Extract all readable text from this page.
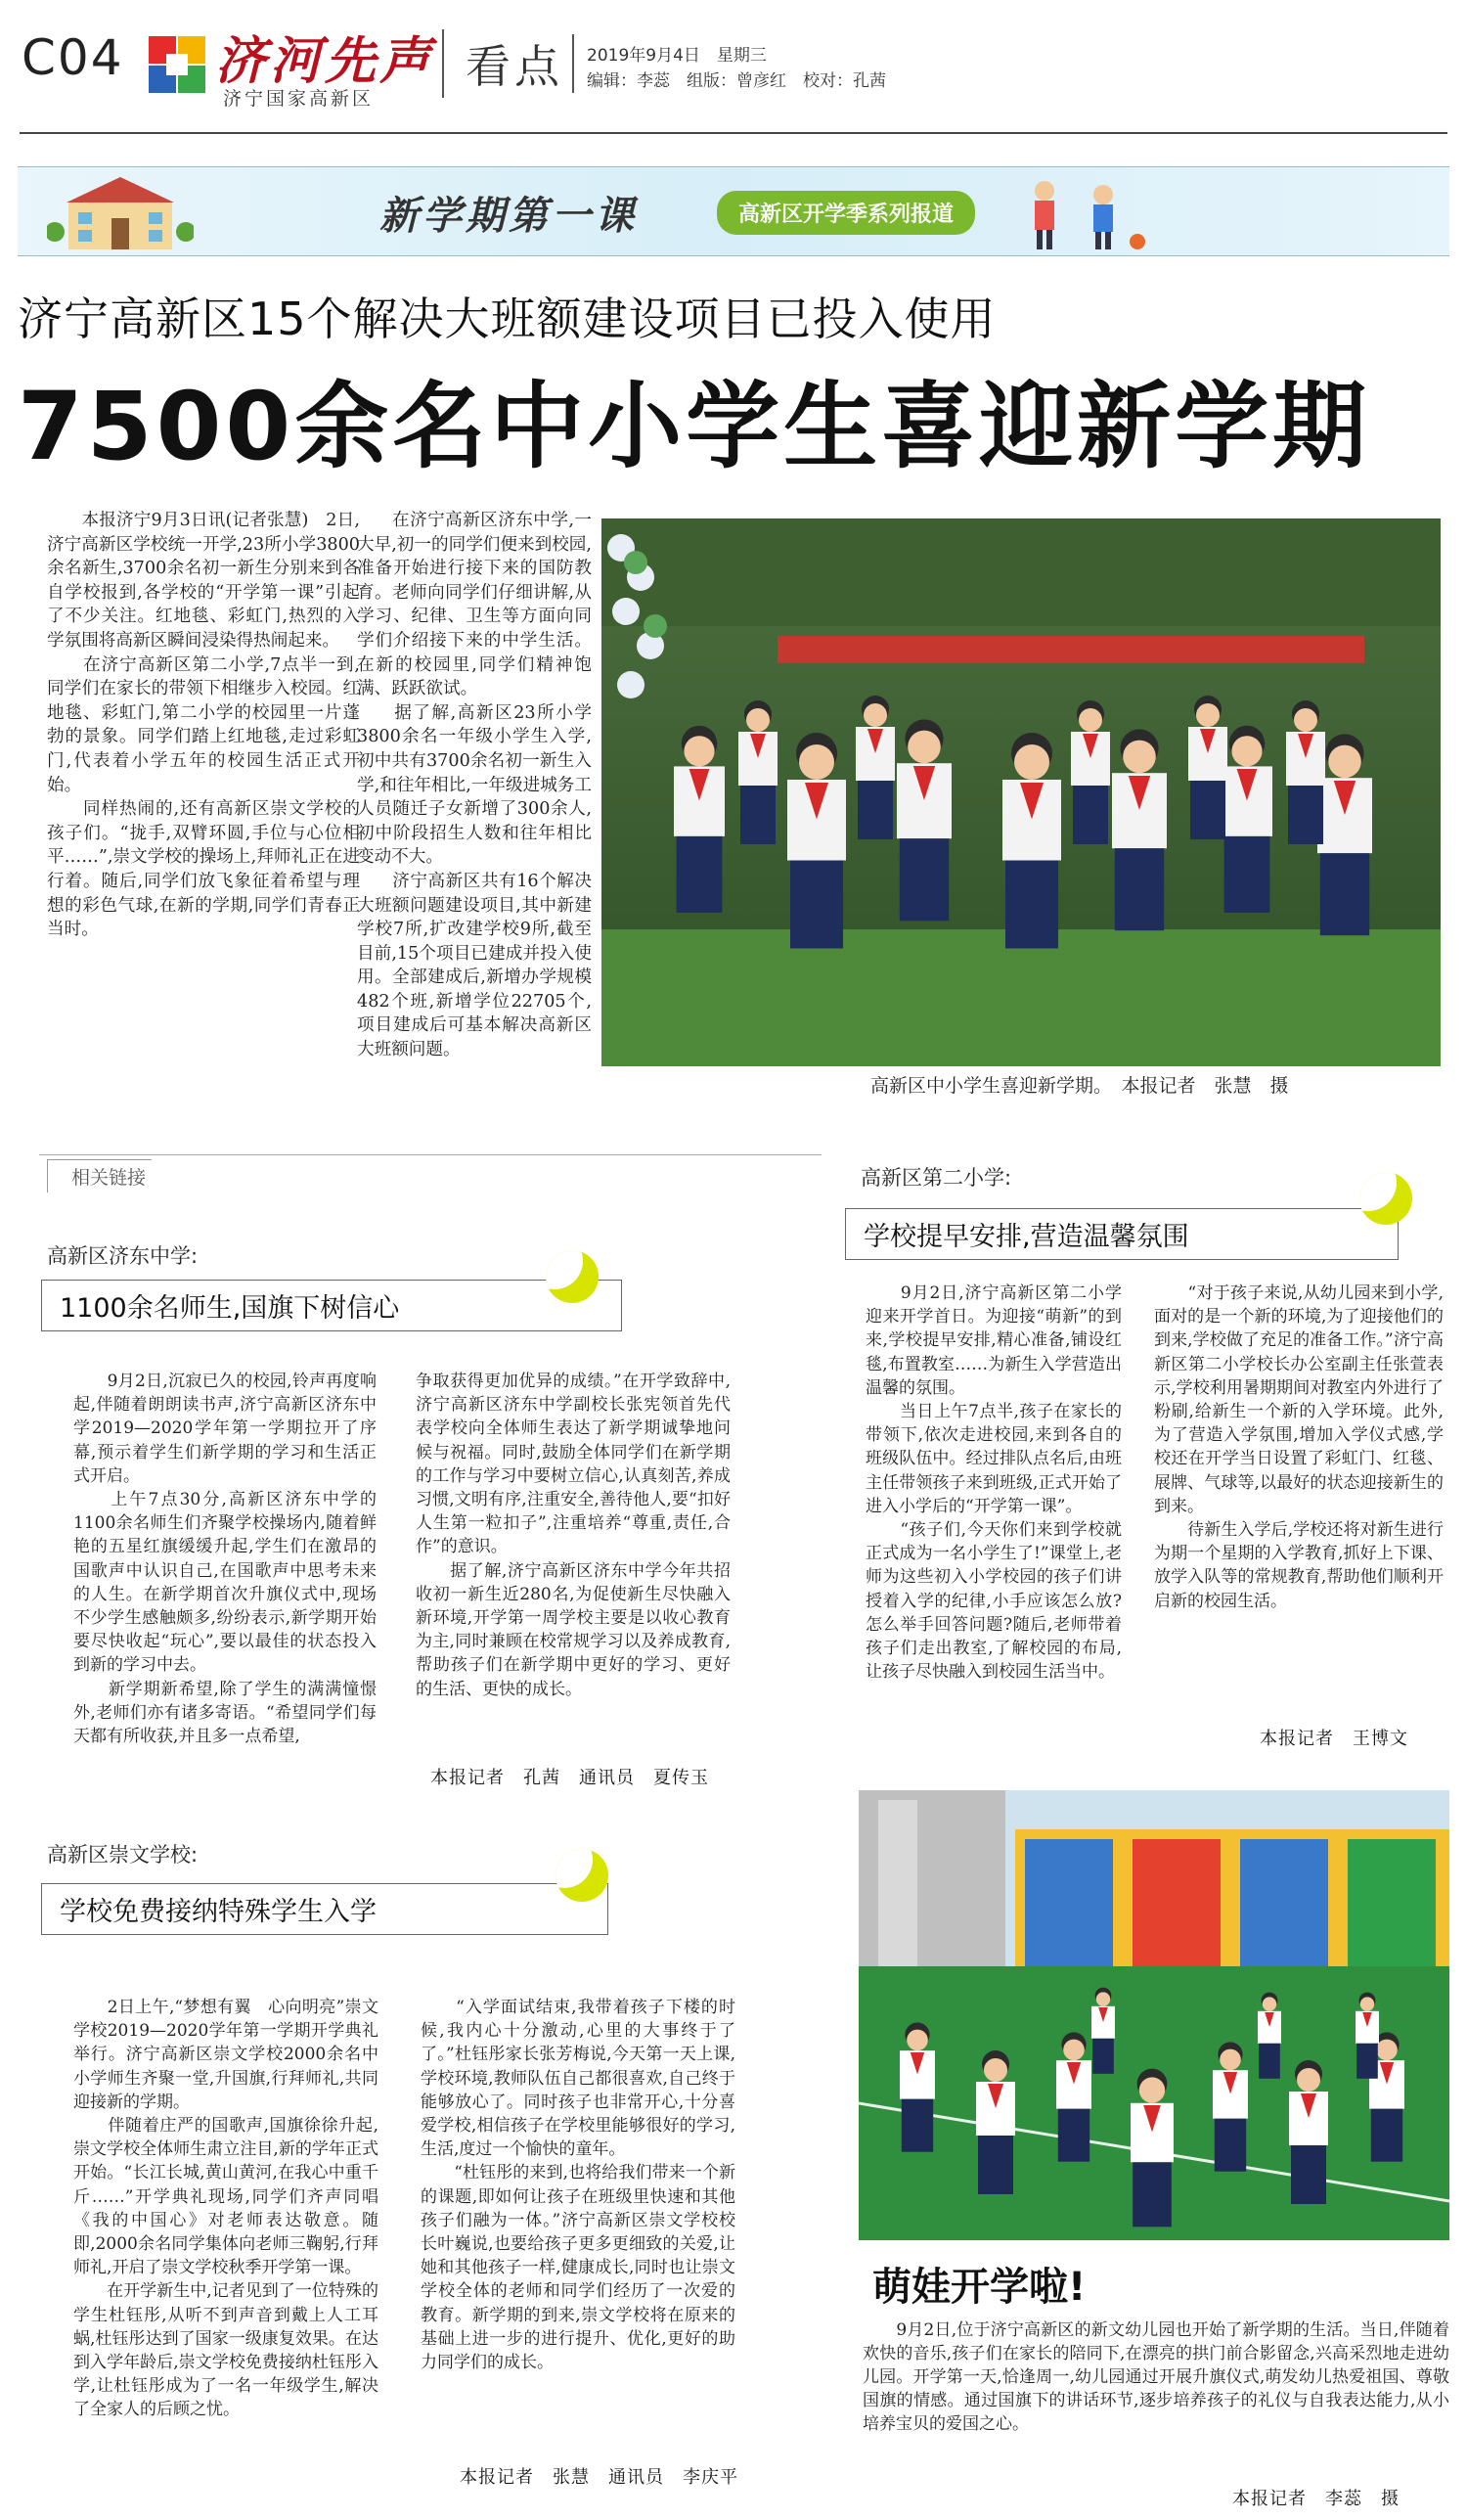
C04 济河先声
济宁国家高新区
看点 2019年9月4日　星期三
编辑：李蕊　组版：曾彦红　校对：孔茜
新学期第一课	高新区开学季系列报道
济宁高新区15个解决大班额建设项目已投入使用
7500余名中小学生喜迎新学期
　　本报济宁9月3日讯(记者张慧)　2日,济宁高新区学校统一开学,23所小学3800余名新生,3700余名初一新生分别来到各自学校报到,各学校的“开学第一课”引起了不少关注。红地毯、彩虹门,热烈的入学氛围将高新区瞬间浸染得热闹起来。
　　在济宁高新区第二小学,7点半一到,同学们在家长的带领下相继步入校园。红地毯、彩虹门,第二小学的校园里一片蓬勃的景象。同学们踏上红地毯,走过彩虹门,代表着小学五年的校园生活正式开始。
　　同样热闹的,还有高新区崇文学校的孩子们。“拢手,双臂环圆,手位与心位相平……”,崇文学校的操场上,拜师礼正在进行着。随后,同学们放飞象征着希望与理想的彩色气球,在新的学期,同学们青春正当时。
　　在济宁高新区济东中学,一大早,初一的同学们便来到校园,准备开始进行接下来的国防教育。老师向同学们仔细讲解,从学习、纪律、卫生等方面向同学们介绍接下来的中学生活。在新的校园里,同学们精神饱满、跃跃欲试。
　　据了解,高新区23所小学3800余名一年级小学生入学,初中共有3700余名初一新生入学,和往年相比,一年级进城务工人员随迁子女新增了300余人,初中阶段招生人数和往年相比变动不大。
　　济宁高新区共有16个解决大班额问题建设项目,其中新建学校7所,扩改建学校9所,截至目前,15个项目已建成并投入使用。全部建成后,新增办学规模482个班,新增学位22705个,项目建成后可基本解决高新区大班额问题。
高新区中小学生喜迎新学期。　本报记者　张慧　摄
相关链接
高新区济东中学:
1100余名师生,国旗下树信心
　　9月2日,沉寂已久的校园,铃声再度响起,伴随着朗朗读书声,济宁高新区济东中学2019—2020学年第一学期拉开了序幕,预示着学生们新学期的学习和生活正式开启。
　　上午7点30分,高新区济东中学的1100余名师生们齐聚学校操场内,随着鲜艳的五星红旗缓缓升起,学生们在激昂的国歌声中认识自己,在国歌声中思考未来的人生。在新学期首次升旗仪式中,现场不少学生感触颇多,纷纷表示,新学期开始要尽快收起“玩心”,要以最佳的状态投入到新的学习中去。
　　新学期新希望,除了学生的满满憧憬外,老师们亦有诸多寄语。“希望同学们每天都有所收获,并且多一点希望,
争取获得更加优异的成绩。”在开学致辞中,济宁高新区济东中学副校长张宪领首先代表学校向全体师生表达了新学期诚挚地问候与祝福。同时,鼓励全体同学们在新学期的工作与学习中要树立信心,认真刻苦,养成习惯,文明有序,注重安全,善待他人,要“扣好人生第一粒扣子”,注重培养“尊重,责任,合作”的意识。
　　据了解,济宁高新区济东中学今年共招收初一新生近280名,为促使新生尽快融入新环境,开学第一周学校主要是以收心教育为主,同时兼顾在校常规学习以及养成教育,帮助孩子们在新学期中更好的学习、更好的生活、更快的成长。
本报记者　孔茜　通讯员　夏传玉
高新区崇文学校:
学校免费接纳特殊学生入学
　　2日上午,“梦想有翼　心向明亮”崇文学校2019—2020学年第一学期开学典礼举行。济宁高新区崇文学校2000余名中小学师生齐聚一堂,升国旗,行拜师礼,共同迎接新的学期。
　　伴随着庄严的国歌声,国旗徐徐升起,崇文学校全体师生肃立注目,新的学年正式开始。“长江长城,黄山黄河,在我心中重千斤……”开学典礼现场,同学们齐声同唱《我的中国心》对老师表达敬意。随即,2000余名同学集体向老师三鞠躬,行拜师礼,开启了崇文学校秋季开学第一课。
　　在开学新生中,记者见到了一位特殊的学生杜钰彤,从听不到声音到戴上人工耳蜗,杜钰彤达到了国家一级康复效果。在达到入学年龄后,崇文学校免费接纳杜钰彤入学,让杜钰彤成为了一名一年级学生,解决了全家人的后顾之忧。
　　“入学面试结束,我带着孩子下楼的时候,我内心十分激动,心里的大事终于了了。”杜钰彤家长张芳梅说,今天第一天上课,学校环境,教师队伍自己都很喜欢,自己终于能够放心了。同时孩子也非常开心,十分喜爱学校,相信孩子在学校里能够很好的学习,生活,度过一个愉快的童年。
　　“杜钰彤的来到,也将给我们带来一个新的课题,即如何让孩子在班级里快速和其他孩子们融为一体。”济宁高新区崇文学校校长叶巍说,也要给孩子更多更细致的关爱,让她和其他孩子一样,健康成长,同时也让崇文学校全体的老师和同学们经历了一次爱的教育。新学期的到来,崇文学校将在原来的基础上进一步的进行提升、优化,更好的助力同学们的成长。
本报记者　张慧　通讯员　李庆平
高新区第二小学:
学校提早安排,营造温馨氛围
　　9月2日,济宁高新区第二小学迎来开学首日。为迎接“萌新”的到来,学校提早安排,精心准备,铺设红毯,布置教室……为新生入学营造出温馨的氛围。
　　当日上午7点半,孩子在家长的带领下,依次走进校园,来到各自的班级队伍中。经过排队点名后,由班主任带领孩子来到班级,正式开始了进入小学后的“开学第一课”。
　　“孩子们,今天你们来到学校就正式成为一名小学生了!”课堂上,老师为这些初入小学校园的孩子们讲授着入学的纪律,小手应该怎么放?怎么举手回答问题?随后,老师带着孩子们走出教室,了解校园的布局,让孩子尽快融入到校园生活当中。
　　“对于孩子来说,从幼儿园来到小学,面对的是一个新的环境,为了迎接他们的到来,学校做了充足的准备工作。”济宁高新区第二小学校长办公室副主任张萱表示,学校利用暑期期间对教室内外进行了粉刷,给新生一个新的入学环境。此外,为了营造入学氛围,增加入学仪式感,学校还在开学当日设置了彩虹门、红毯、展牌、气球等,以最好的状态迎接新生的到来。
　　待新生入学后,学校还将对新生进行为期一个星期的入学教育,抓好上下课、放学入队等的常规教育,帮助他们顺利开启新的校园生活。
本报记者　王博文
萌娃开学啦!
　　9月2日,位于济宁高新区的新文幼儿园也开始了新学期的生活。当日,伴随着欢快的音乐,孩子们在家长的陪同下,在漂亮的拱门前合影留念,兴高采烈地走进幼儿园。开学第一天,恰逢周一,幼儿园通过开展升旗仪式,萌发幼儿热爱祖国、尊敬国旗的情感。通过国旗下的讲话环节,逐步培养孩子的礼仪与自我表达能力,从小培养宝贝的爱国之心。
本报记者　李蕊　摄
